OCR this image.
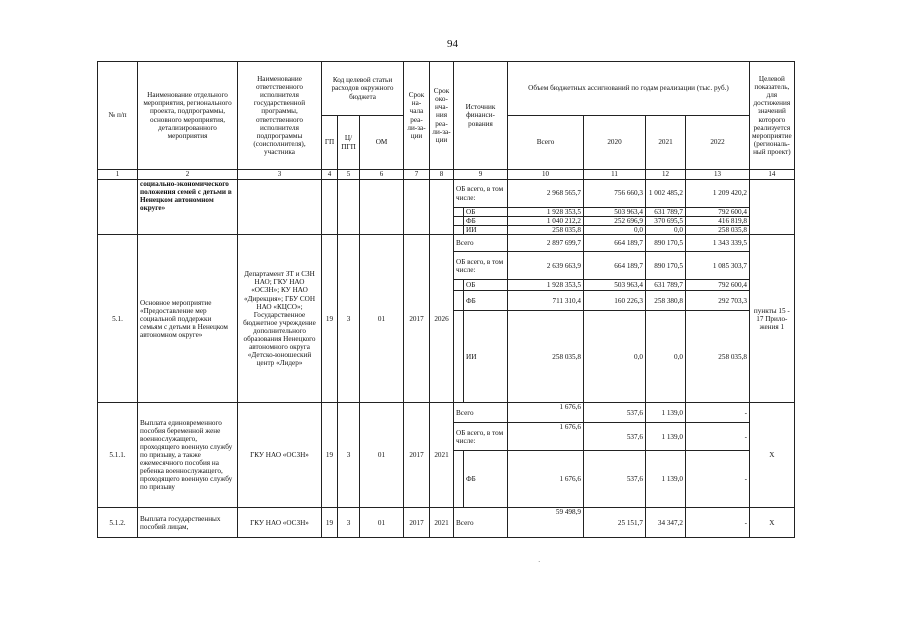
94
№ п/п	Наименование отдельного мероприятия, регионального проекта, подпрограммы, основного мероприятия, детализированного мероприятия	Наименование ответственного исполнителя государственной программы, ответственного исполнителя подпрограммы (соисполнителя), участника	Код целевой статьи расходов окружного бюджета			Срок на-чала реа-ли-за-ции	Срок око-нча-ния реа-ли-за-ции	Источник финанси-рования		Объем бюджетных ассигнований по годам реализации (тыс. руб.)				Целевой показатель, для достижения значений которого реализуется мероприятие (региональ-ный проект)
			ГП	Ц/ ПГП	ОМ					Всего	2020	2021	2022	
1	2	3	4	5	6	7	8	9		10	11	12	13	14
	социально-экономического положения семей с детьми в Ненецком автономном округе»							ОБ всего, в том числе:		2 968 565,7	756 660,3	1 002 485,2	1 209 420,2	
									ОБ	1 928 353,5	503 963,4	631 789,7	792 600,4	
									ФБ	1 040 212,2	252 696,9	370 695,5	416 819,8	
									ИИ	258 035,8	0,0	0,0	258 035,8	
5.1.	Основное мероприятие «Предоставление мер социальной поддержки семьям с детьми в Ненецком автономном округе»	Департамент ЗТ и СЗН НАО; ГКУ НАО «ОСЗН»; КУ НАО «Дирекция»; ГБУ СОН НАО «КЦСО»; Государственное бюджетное учреждение дополнительного образования Ненецкого автономного округа «Детско-юношеский центр «Лидер»	19	3	01	2017	2026	Всего		2 897 699,7	664 189,7	890 170,5	1 343 339,5	пункты 15 - 17 Прило-жения 1
								ОБ всего, в том числе:		2 639 663,9	664 189,7	890 170,5	1 085 303,7	
									ОБ	1 928 353,5	503 963,4	631 789,7	792 600,4	
									ФБ	711 310,4	160 226,3	258 380,8	292 703,3	
									ИИ	258 035,8	0,0	0,0	258 035,8	
5.1.1.	Выплата единовременного пособия беременной жене военнослужащего, проходящего военную службу по призыву, а также ежемесячного пособия на ребенка военнослужащего, проходящего военную службу по призыву	ГКУ НАО «ОСЗН»	19	3	01	2017	2021	Всего		1 676,6	537,6	1 139,0	-	Х
								ОБ всего, в том числе:		1 676,6	537,6	1 139,0	-	
									ФБ	1 676,6	537,6	1 139,0	-	
5.1.2.	Выплата государственных пособий лицам,	ГКУ НАО «ОСЗН»	19	3	01	2017	2021	Всего		59 498,9	25 151,7	34 347,2	-	Х
·
